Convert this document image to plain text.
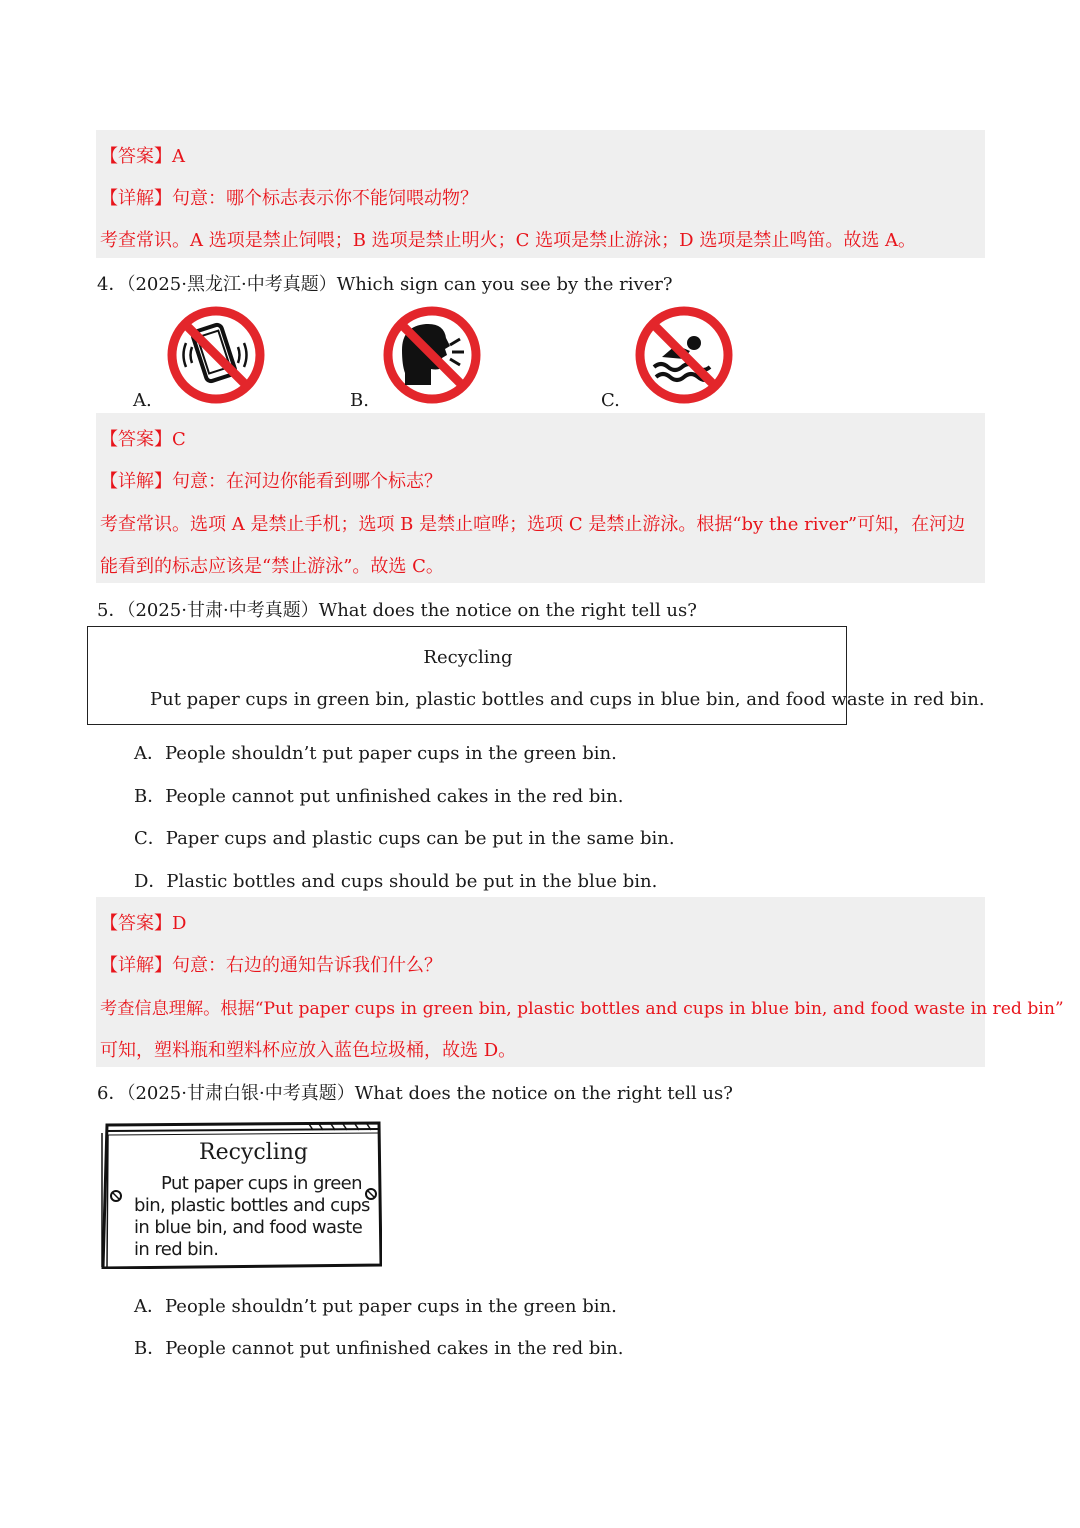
【答案】A
【详解】句意：哪个标志表示你不能饲喂动物？
考查常识。A 选项是禁止饲喂；B 选项是禁止明火；C 选项是禁止游泳；D 选项是禁止鸣笛。故选 A。
4．（2025·黑龙江·中考真题）Which sign can you see by the river?
A.	B.	C.
【答案】C
【详解】句意：在河边你能看到哪个标志？
考查常识。选项 A 是禁止手机；选项 B 是禁止喧哗；选项 C 是禁止游泳。根据“by the river”可知，在河边
能看到的标志应该是“禁止游泳”。故选 C。
5．（2025·甘肃·中考真题）What does the notice on the right tell us?
Recycling
Put paper cups in green bin, plastic bottles and cups in blue bin, and food waste in red bin.
A．People shouldn’t put paper cups in the green bin.
B．People cannot put unfinished cakes in the red bin.
C．Paper cups and plastic cups can be put in the same bin.
D．Plastic bottles and cups should be put in the blue bin.
【答案】D
【详解】句意：右边的通知告诉我们什么？
考查信息理解。根据“Put paper cups in green bin, plastic bottles and cups in blue bin, and food waste in red bin”
可知，塑料瓶和塑料杯应放入蓝色垃圾桶，故选 D。
6．（2025·甘肃白银·中考真题）What does the notice on the right tell us?
Recycling
Put paper cups in green
bin, plastic bottles and cups
in blue bin, and food waste
in red bin.
A．People shouldn’t put paper cups in the green bin.
B．People cannot put unfinished cakes in the red bin.
